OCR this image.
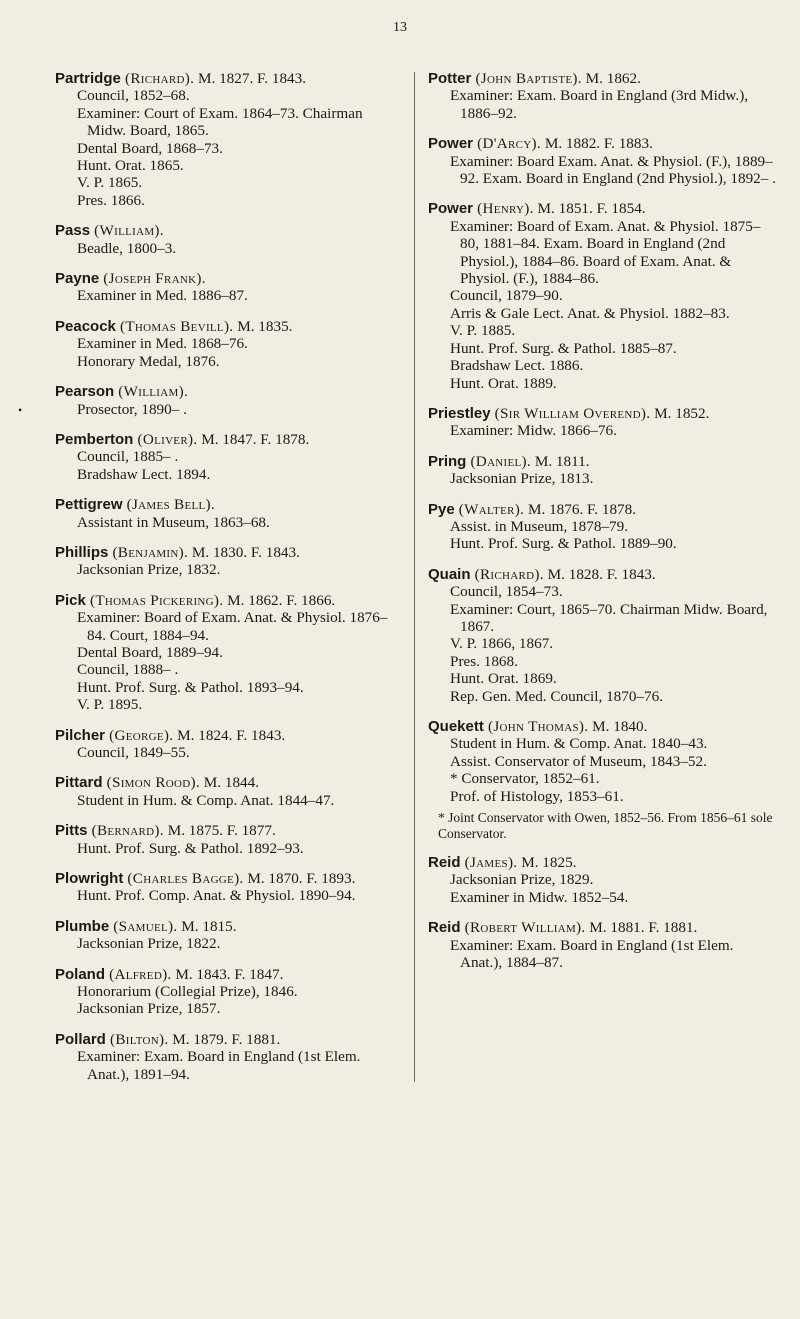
13
•
Partridge (Richard). M. 1827. F. 1843.
Council, 1852–68.
Examiner: Court of Exam. 1864–73. Chairman Midw. Board, 1865.
Dental Board, 1868–73.
Hunt. Orat. 1865.
V. P. 1865.
Pres. 1866.
Pass (William).
Beadle, 1800–3.
Payne (Joseph Frank).
Examiner in Med. 1886–87.
Peacock (Thomas Bevill). M. 1835.
Examiner in Med. 1868–76.
Honorary Medal, 1876.
Pearson (William).
Prosector, 1890– .
Pemberton (Oliver). M. 1847. F. 1878.
Council, 1885– .
Bradshaw Lect. 1894.
Pettigrew (James Bell).
Assistant in Museum, 1863–68.
Phillips (Benjamin). M. 1830. F. 1843.
Jacksonian Prize, 1832.
Pick (Thomas Pickering). M. 1862. F. 1866.
Examiner: Board of Exam. Anat. & Physiol. 1876–84. Court, 1884–94.
Dental Board, 1889–94.
Council, 1888– .
Hunt. Prof. Surg. & Pathol. 1893–94.
V. P. 1895.
Pilcher (George). M. 1824. F. 1843.
Council, 1849–55.
Pittard (Simon Rood). M. 1844.
Student in Hum. & Comp. Anat. 1844–47.
Pitts (Bernard). M. 1875. F. 1877.
Hunt. Prof. Surg. & Pathol. 1892–93.
Plowright (Charles Bagge). M. 1870. F. 1893.
Hunt. Prof. Comp. Anat. & Physiol. 1890–94.
Plumbe (Samuel). M. 1815.
Jacksonian Prize, 1822.
Poland (Alfred). M. 1843. F. 1847.
Honorarium (Collegial Prize), 1846.
Jacksonian Prize, 1857.
Pollard (Bilton). M. 1879. F. 1881.
Examiner: Exam. Board in England (1st Elem. Anat.), 1891–94.
Potter (John Baptiste). M. 1862.
Examiner: Exam. Board in England (3rd Midw.), 1886–92.
Power (D'Arcy). M. 1882. F. 1883.
Examiner: Board Exam. Anat. & Physiol. (F.), 1889–92. Exam. Board in England (2nd Physiol.), 1892– .
Power (Henry). M. 1851. F. 1854.
Examiner: Board of Exam. Anat. & Physiol. 1875–80, 1881–84. Exam. Board in England (2nd Physiol.), 1884–86. Board of Exam. Anat. & Physiol. (F.), 1884–86.
Council, 1879–90.
Arris & Gale Lect. Anat. & Physiol. 1882–83.
V. P. 1885.
Hunt. Prof. Surg. & Pathol. 1885–87.
Bradshaw Lect. 1886.
Hunt. Orat. 1889.
Priestley (Sir William Overend). M. 1852.
Examiner: Midw. 1866–76.
Pring (Daniel). M. 1811.
Jacksonian Prize, 1813.
Pye (Walter). M. 1876. F. 1878.
Assist. in Museum, 1878–79.
Hunt. Prof. Surg. & Pathol. 1889–90.
Quain (Richard). M. 1828. F. 1843.
Council, 1854–73.
Examiner: Court, 1865–70. Chairman Midw. Board, 1867.
V. P. 1866, 1867.
Pres. 1868.
Hunt. Orat. 1869.
Rep. Gen. Med. Council, 1870–76.
Quekett (John Thomas). M. 1840.
Student in Hum. & Comp. Anat. 1840–43.
Assist. Conservator of Museum, 1843–52.
* Conservator, 1852–61.
Prof. of Histology, 1853–61.
* Joint Conservator with Owen, 1852–56. From 1856–61 sole Conservator.
Reid (James). M. 1825.
Jacksonian Prize, 1829.
Examiner in Midw. 1852–54.
Reid (Robert William). M. 1881. F. 1881.
Examiner: Exam. Board in England (1st Elem. Anat.), 1884–87.
